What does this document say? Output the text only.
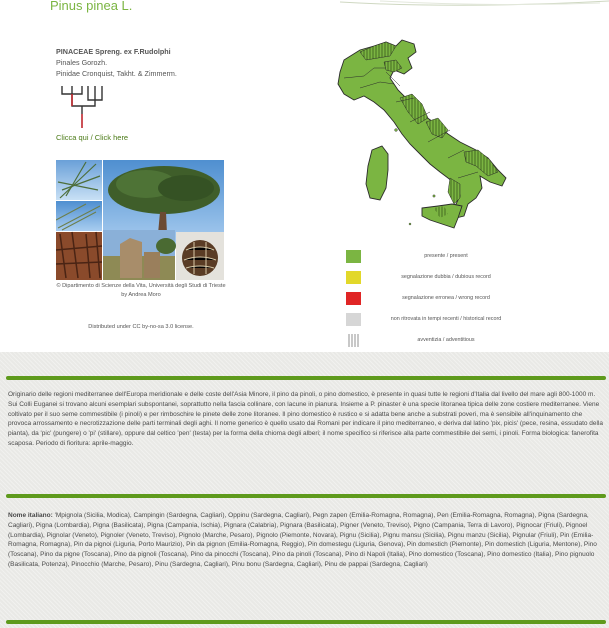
Pinus pinea L.
PINACEAE Spreng. ex F.Rudolphi
Pinales Gorozh.
Pinidae Cronquist, Takht. & Zimmerm.
Clicca qui / Click here
© Dipartimento di Scienze della Vita, Università degli Studi di Trieste
by Andrea Moro
Distributed under CC by-no-sa 3.0 license.
presente / present
segnalazione dubbia / dubious record
segnalazione erronea / wrong record
non ritrovata in tempi recenti / historical record
avventizia / adventitious
Originario delle regioni mediterranee dell'Europa meridionale e delle coste dell'Asia Minore, il pino da pinoli, o pino domestico, è presente in quasi tutte le regioni d'Italia dal livello del mare agli 800-1000 m. Sui Colli Euganei si trovano alcuni esemplari subspontanei, soprattutto nella fascia collinare, con lacune in pianura. Insieme a P. pinaster è una specie litoranea tipica delle zone costiere mediterranee. Viene coltivato per il suo seme commestibile (i pinoli) e per rimboschire le pinete delle zone litoranee. Il pino domestico è rustico e si adatta bene anche a substrati poveri, ma è sensibile all'inquinamento che provoca arrossamento e necrotizzazione delle parti terminali degli aghi. Il nome generico è quello usato dai Romani per indicare il pino mediterraneo, e deriva dal latino 'pix, picis' (pece, resina, essudato della pianta), da 'pic' (pungere) o 'pi' (stillare), oppure dal celtico 'pen' (testa) per la forma della chioma degli alberi; il nome specifico si riferisce alla parte commestibile dei semi, i pinoli. Forma biologica: fanerofita scaposa. Periodo di fioritura: aprile-maggio.
Nome italiano: 'Mpignola (Sicilia, Modica), Campingin (Sardegna, Cagliari), Oppinu (Sardegna, Cagliari), Pegn zapen (Emilia-Romagna, Romagna), Pen (Emilia-Romagna, Romagna), Pigna (Sardegna, Cagliari), Pigna (Lombardia), Pigna (Basilicata), Pigna (Campania, Ischia), Pignara (Calabria), Pignara (Basilicata), Pigner (Veneto, Treviso), Pigno (Campania, Terra di Lavoro), Pignocar (Friuli), Pignoel (Lombardia), Pignolar (Veneto), Pignoler (Veneto, Treviso), Pignolo (Marche, Pesaro), Pignolo (Piemonte, Novara), Pignu (Sicilia), Pignu mansu (Sicilia), Pignu manzu (Sicilia), Pignular (Friuli), Pin (Emilia-Romagna, Romagna), Pin da pignoi (Liguria, Porto Maurizio), Pin da pignon (Emilia-Romagna, Reggio), Pin domestegu (Liguria, Genova), Pin domestich (Piemonte), Pin domestich (Liguria, Mentone), Pino (Toscana), Pino da pigne (Toscana), Pino da pignoli (Toscana), Pino da pinocchi (Toscana), Pino da pinoli (Toscana), Pino di Napoli (Italia), Pino domestico (Toscana), Pino domestico (Italia), Pino pignuolo (Basilicata, Potenza), Pinocchio (Marche, Pesaro), Pinu (Sardegna, Cagliari), Pinu bonu (Sardegna, Cagliari), Pinu de pappai (Sardegna, Cagliari)
